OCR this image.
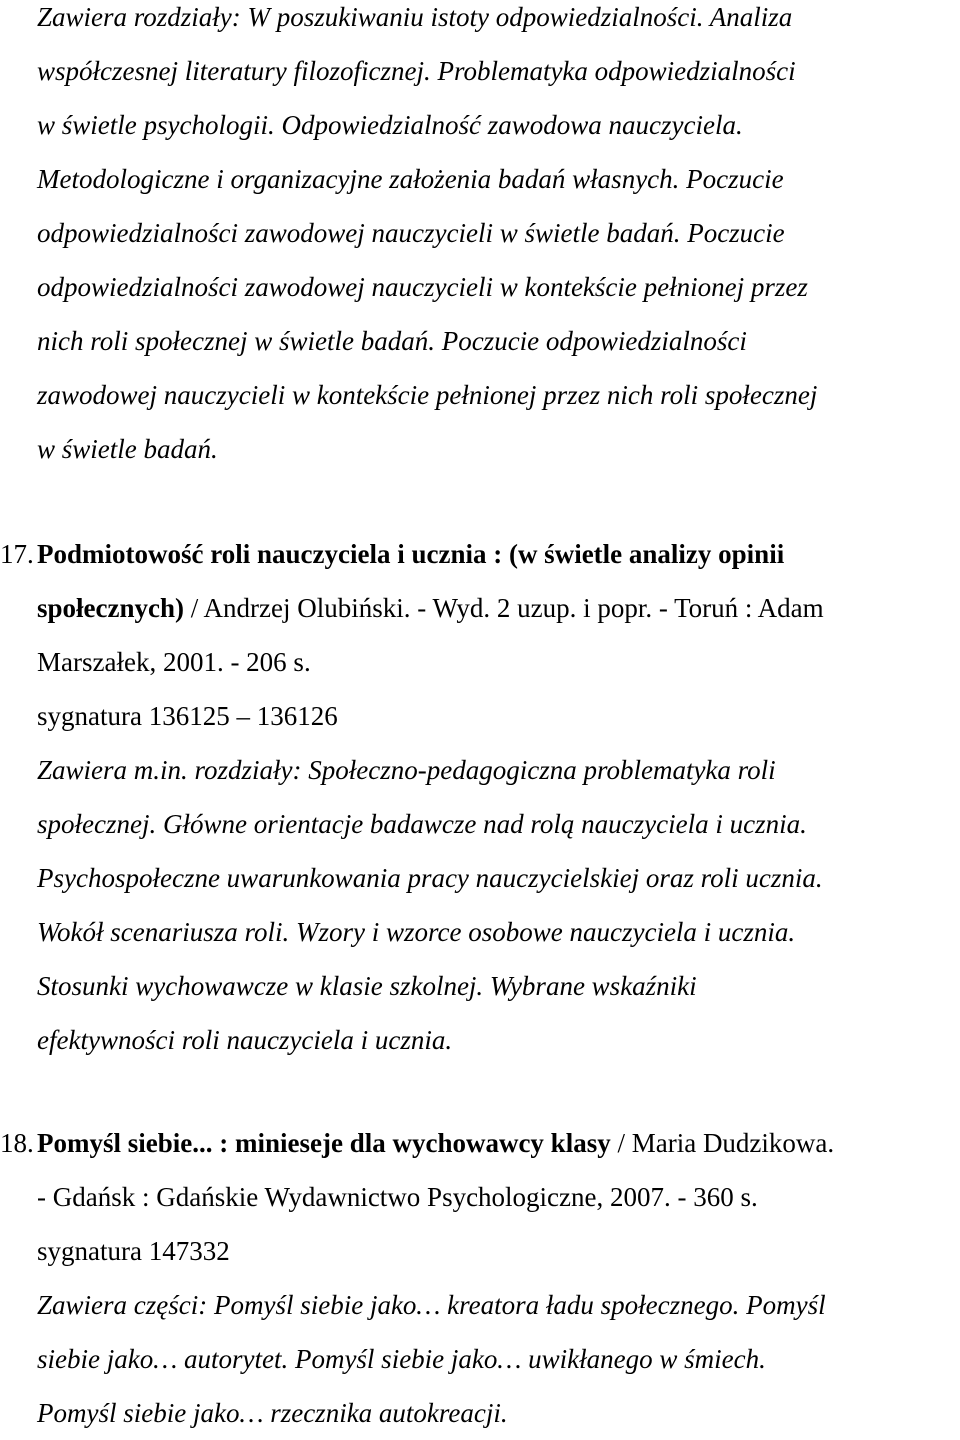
Zawiera rozdziały: W poszukiwaniu istoty odpowiedzialności. Analiza
współczesnej literatury filozoficznej. Problematyka odpowiedzialności
w świetle psychologii. Odpowiedzialność zawodowa nauczyciela.
Metodologiczne i organizacyjne założenia badań własnych. Poczucie
odpowiedzialności zawodowej nauczycieli w świetle badań. Poczucie
odpowiedzialności zawodowej nauczycieli w kontekście pełnionej przez
nich roli społecznej w świetle badań. Poczucie odpowiedzialności
zawodowej nauczycieli w kontekście pełnionej przez nich roli społecznej
w świetle badań.
17. Podmiotowość roli nauczyciela i ucznia : (w świetle analizy opinii
społecznych) / Andrzej Olubiński. - Wyd. 2 uzup. i popr. - Toruń : Adam
Marszałek, 2001. - 206 s.
sygnatura 136125 – 136126
Zawiera m.in. rozdziały: Społeczno-pedagogiczna problematyka roli
społecznej. Główne orientacje badawcze nad rolą nauczyciela i ucznia.
Psychospołeczne uwarunkowania pracy nauczycielskiej oraz roli ucznia.
Wokół scenariusza roli. Wzory i wzorce osobowe nauczyciela i ucznia.
Stosunki wychowawcze w klasie szkolnej. Wybrane wskaźniki
efektywności roli nauczyciela i ucznia.
18. Pomyśl siebie... : minieseje dla wychowawcy klasy / Maria Dudzikowa.
- Gdańsk : Gdańskie Wydawnictwo Psychologiczne, 2007. - 360 s.
sygnatura 147332
Zawiera części: Pomyśl siebie jako… kreatora ładu społecznego. Pomyśl
siebie jako… autorytet. Pomyśl siebie jako… uwikłanego w śmiech.
Pomyśl siebie jako… rzecznika autokreacji.
